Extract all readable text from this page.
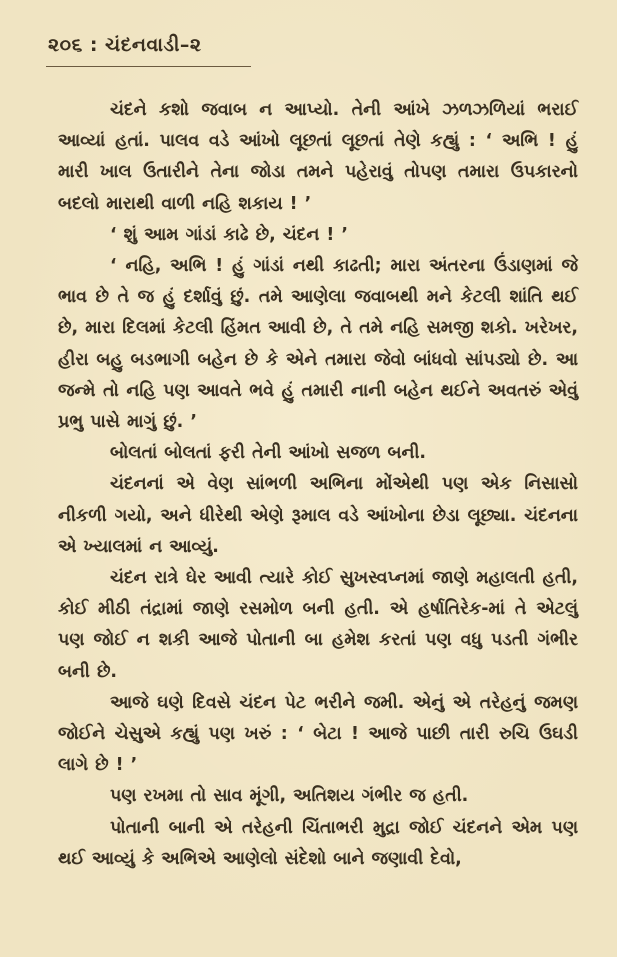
૨૦૬ : ચંદનવાડી–૨

ચંદને કશો જવાબ ન આપ્યો. તેની આંખે ઝળઝળિયાં ભરાઈ આવ્યાં હતાં. પાલવ વડે આંખો લૂછતાં લૂછતાં તેણે કહ્યું : ‘ અભિ ! હું મારી ખાલ ઉતારીને તેના જોડા તમને પહેરાવું તોપણ તમારા ઉપકારનો બદલો મારાથી વાળી નહિ શકાય ! ’

‘ શું આમ ગાંડાં કાઢે છે, ચંદન ! ’

‘ નહિ, અભિ ! હું ગાંડાં નથી કાઢતી; મારા અંતરના ઉંડાણમાં જે ભાવ છે તે જ હું દર્શાવું છું. તમે આણેલા જવાબથી મને કેટલી શાંતિ થઈ છે, મારા દિલમાં કેટલી હિંમત આવી છે, તે તમે નહિ સમજી શકો. ખરેખર, હીરા બહુ બડભાગી બહેન છે કે એને તમારા જેવો બાંધવો સાંપડ્યો છે. આ જન્મે તો નહિ પણ આવતે ભવે હું તમારી નાની બહેન થઈને અવતરું એવું પ્રભુ પાસે માગું છું. ’

બોલતાં બોલતાં ફરી તેની આંખો સજળ બની.

ચંદનનાં એ વેણ સાંભળી અભિના મોંએથી પણ એક નિસાસો નીકળી ગયો, અને ધીરેથી એણે રૂમાલ વડે આંખોના છેડા લૂછ્યા. ચંદનના એ ખ્યાલમાં ન આવ્યું.

ચંદન રાત્રે ઘેર આવી ત્યારે કોઈ સુખસ્વપ્નમાં જાણે મહાલતી હતી, કોઈ મીઠી તંદ્રામાં જાણે રસમોળ બની હતી. એ હર્ષાતિરેક-માં તે એટલું પણ જોઈ ન શકી આજે પોતાની બા હમેશ કરતાં પણ વધુ પડતી ગંભીર બની છે.

આજે ઘણે દિવસે ચંદન પેટ ભરીને જમી. એનું એ તરેહનું જમણ જોઈને ચેસુએ કહ્યું પણ ખરું : ‘ બેટા ! આજે પાછી તારી રુચિ ઉઘડી લાગે છે ! ’

પણ રખમા તો સાવ મૂંગી, અતિશય ગંભીર જ હતી.

પોતાની બાની એ તરેહની ચિંતાભરી મુદ્રા જોઈ ચંદનને એમ પણ થઈ આવ્યું કે અભિએ આણેલો સંદેશો બાને જણાવી દેવો,
